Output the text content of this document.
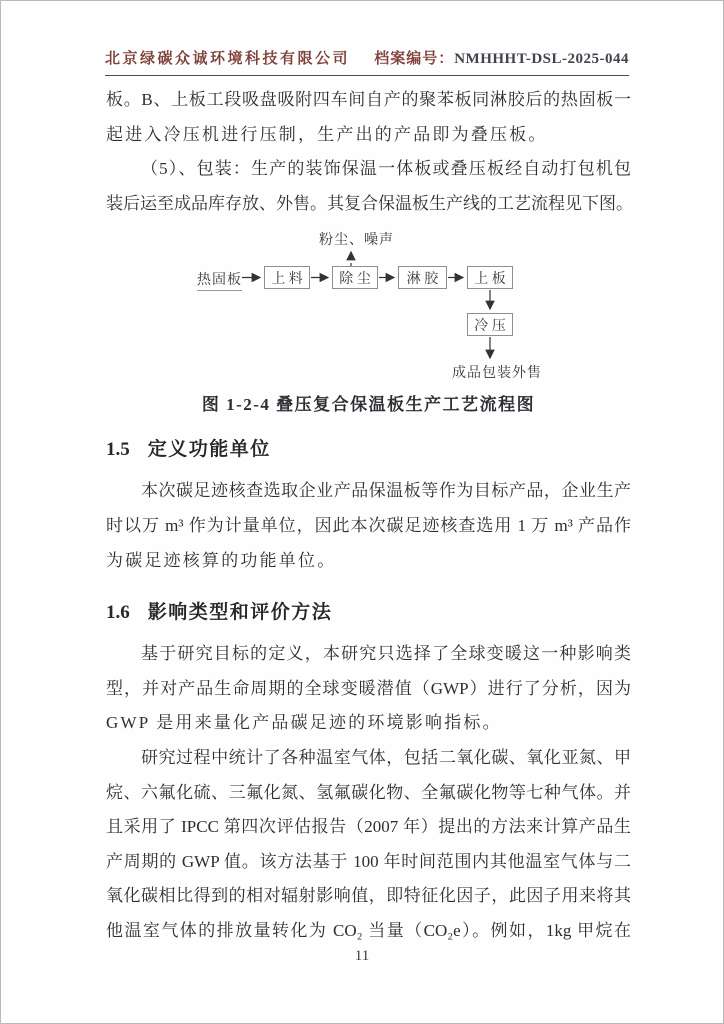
北京绿碳众诚环境科技有限公司 档案编号：NMHHHT-DSL-2025-044
板。B、上板工段吸盘吸附四车间自产的聚苯板同淋胶后的热固板一
起进入冷压机进行压制，生产出的产品即为叠压板。
（5）、包装：生产的装饰保温一体板或叠压板经自动打包机包
装后运至成品库存放、外售。其复合保温板生产线的工艺流程见下图。
粉尘、噪声
热固板	上 料	除 尘	淋 胶	上 板
冷 压
成品包装外售
图 1-2-4 叠压复合保温板生产工艺流程图
1.5 定义功能单位
本次碳足迹核查选取企业产品保温板等作为目标产品，企业生产
时以万 m³ 作为计量单位，因此本次碳足迹核查选用 1 万 m³ 产品作
为碳足迹核算的功能单位。
1.6 影响类型和评价方法
基于研究目标的定义，本研究只选择了全球变暖这一种影响类
型，并对产品生命周期的全球变暖潜值（GWP）进行了分析，因为
GWP 是用来量化产品碳足迹的环境影响指标。
研究过程中统计了各种温室气体，包括二氧化碳、氧化亚氮、甲
烷、六氟化硫、三氟化氮、氢氟碳化物、全氟碳化物等七种气体。并
且采用了 IPCC 第四次评估报告（2007 年）提出的方法来计算产品生
产周期的 GWP 值。该方法基于 100 年时间范围内其他温室气体与二
氧化碳相比得到的相对辐射影响值，即特征化因子，此因子用来将其
他温室气体的排放量转化为 CO₂ 当量（CO₂e）。例如，1kg 甲烷在
11
